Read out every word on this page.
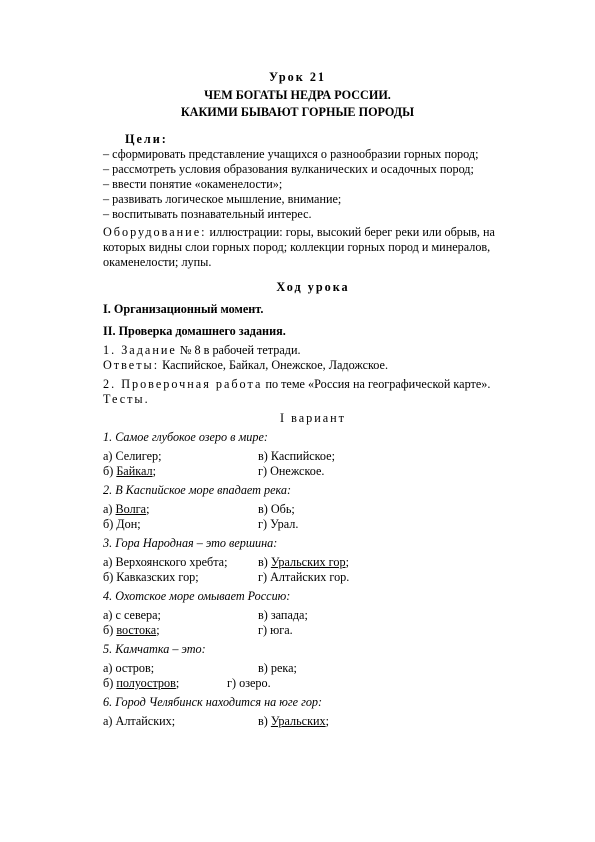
Урок 21
ЧЕМ БОГАТЫ НЕДРА РОССИИ.
КАКИМИ БЫВАЮТ ГОРНЫЕ ПОРОДЫ

Цели:

– сформировать представление учащихся о разнообразии горных пород;

– рассмотреть условия образования вулканических и осадочных пород;

– ввести понятие «окаменелости»;

– развивать логическое мышление, внимание;

– воспитывать познавательный интерес.

Оборудование: иллюстрации: горы, высокий берег реки или обрыв, на

которых видны слои горных пород; коллекции горных пород и минералов,

окаменелости; лупы.

Ход урока

I. Организационный момент.

II. Проверка домашнего задания.

1. Задание № 8 в рабочей тетради.

Ответы: Каспийское, Байкал, Онежское, Ладожское.

2. Проверочная работа по теме «Россия на географической карте».

Тесты.

I вариант

1. Самое глубокое озеро в мире:

а) Селигер;	в) Каспийское;
б) Байкал;	г) Онежское.

2. В Каспийское море впадает река:

а) Волга;	в) Обь;
б) Дон;	г) Урал.

3. Гора Народная – это вершина:

а) Верхоянского хребта;	в) Уральских гор;
б) Кавказских гор;	г) Алтайских гор.

4. Охотское море омывает Россию:

а) с севера;	в) запада;
б) востока;	г) юга.

5. Камчатка – это:

а) остров;	в) река;
б) полуостров;	г) озеро.

6. Город Челябинск находится на юге гор:

а) Алтайских;	в) Уральских;
